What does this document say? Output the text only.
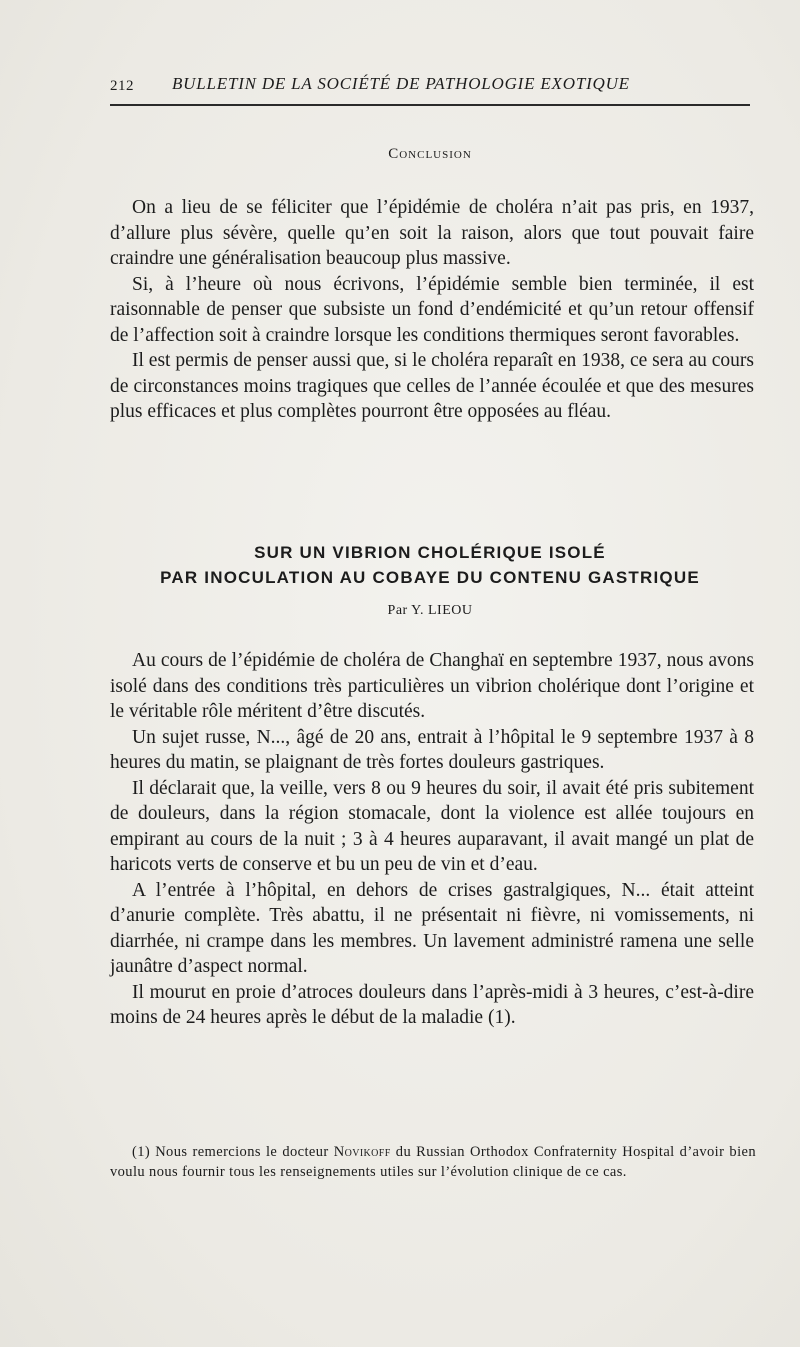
212 BULLETIN DE LA SOCIÉTÉ DE PATHOLOGIE EXOTIQUE
Conclusion

On a lieu de se féliciter que l’épidémie de choléra n’ait pas pris, en 1937, d’allure plus sévère, quelle qu’en soit la raison, alors que tout pouvait faire craindre une généralisation beaucoup plus massive.

Si, à l’heure où nous écrivons, l’épidémie semble bien terminée, il est raisonnable de penser que subsiste un fond d’endémicité et qu’un retour offensif de l’affection soit à craindre lorsque les conditions thermiques seront favorables.

Il est permis de penser aussi que, si le choléra reparaît en 1938, ce sera au cours de circonstances moins tragiques que celles de l’année écoulée et que des mesures plus efficaces et plus complètes pourront être opposées au fléau.

SUR UN VIBRION CHOLÉRIQUE ISOLÉ
PAR INOCULATION AU COBAYE DU CONTENU GASTRIQUE
Par Y. LIEOU

Au cours de l’épidémie de choléra de Changhaï en septembre 1937, nous avons isolé dans des conditions très particulières un vibrion cholérique dont l’origine et le véritable rôle méritent d’être discutés.

Un sujet russe, N..., âgé de 20 ans, entrait à l’hôpital le 9 septembre 1937 à 8 heures du matin, se plaignant de très fortes douleurs gastriques.

Il déclarait que, la veille, vers 8 ou 9 heures du soir, il avait été pris subitement de douleurs, dans la région stomacale, dont la violence est allée toujours en empirant au cours de la nuit ; 3 à 4 heures auparavant, il avait mangé un plat de haricots verts de conserve et bu un peu de vin et d’eau.

A l’entrée à l’hôpital, en dehors de crises gastralgiques, N... était atteint d’anurie complète. Très abattu, il ne présentait ni fièvre, ni vomissements, ni diarrhée, ni crampe dans les membres. Un lavement administré ramena une selle jaunâtre d’aspect normal.

Il mourut en proie d’atroces douleurs dans l’après-midi à 3 heures, c’est-à-dire moins de 24 heures après le début de la maladie (1).

(1) Nous remercions le docteur Novikoff du Russian Orthodox Confraternity Hospital d’avoir bien voulu nous fournir tous les renseignements utiles sur l’évolution clinique de ce cas.
